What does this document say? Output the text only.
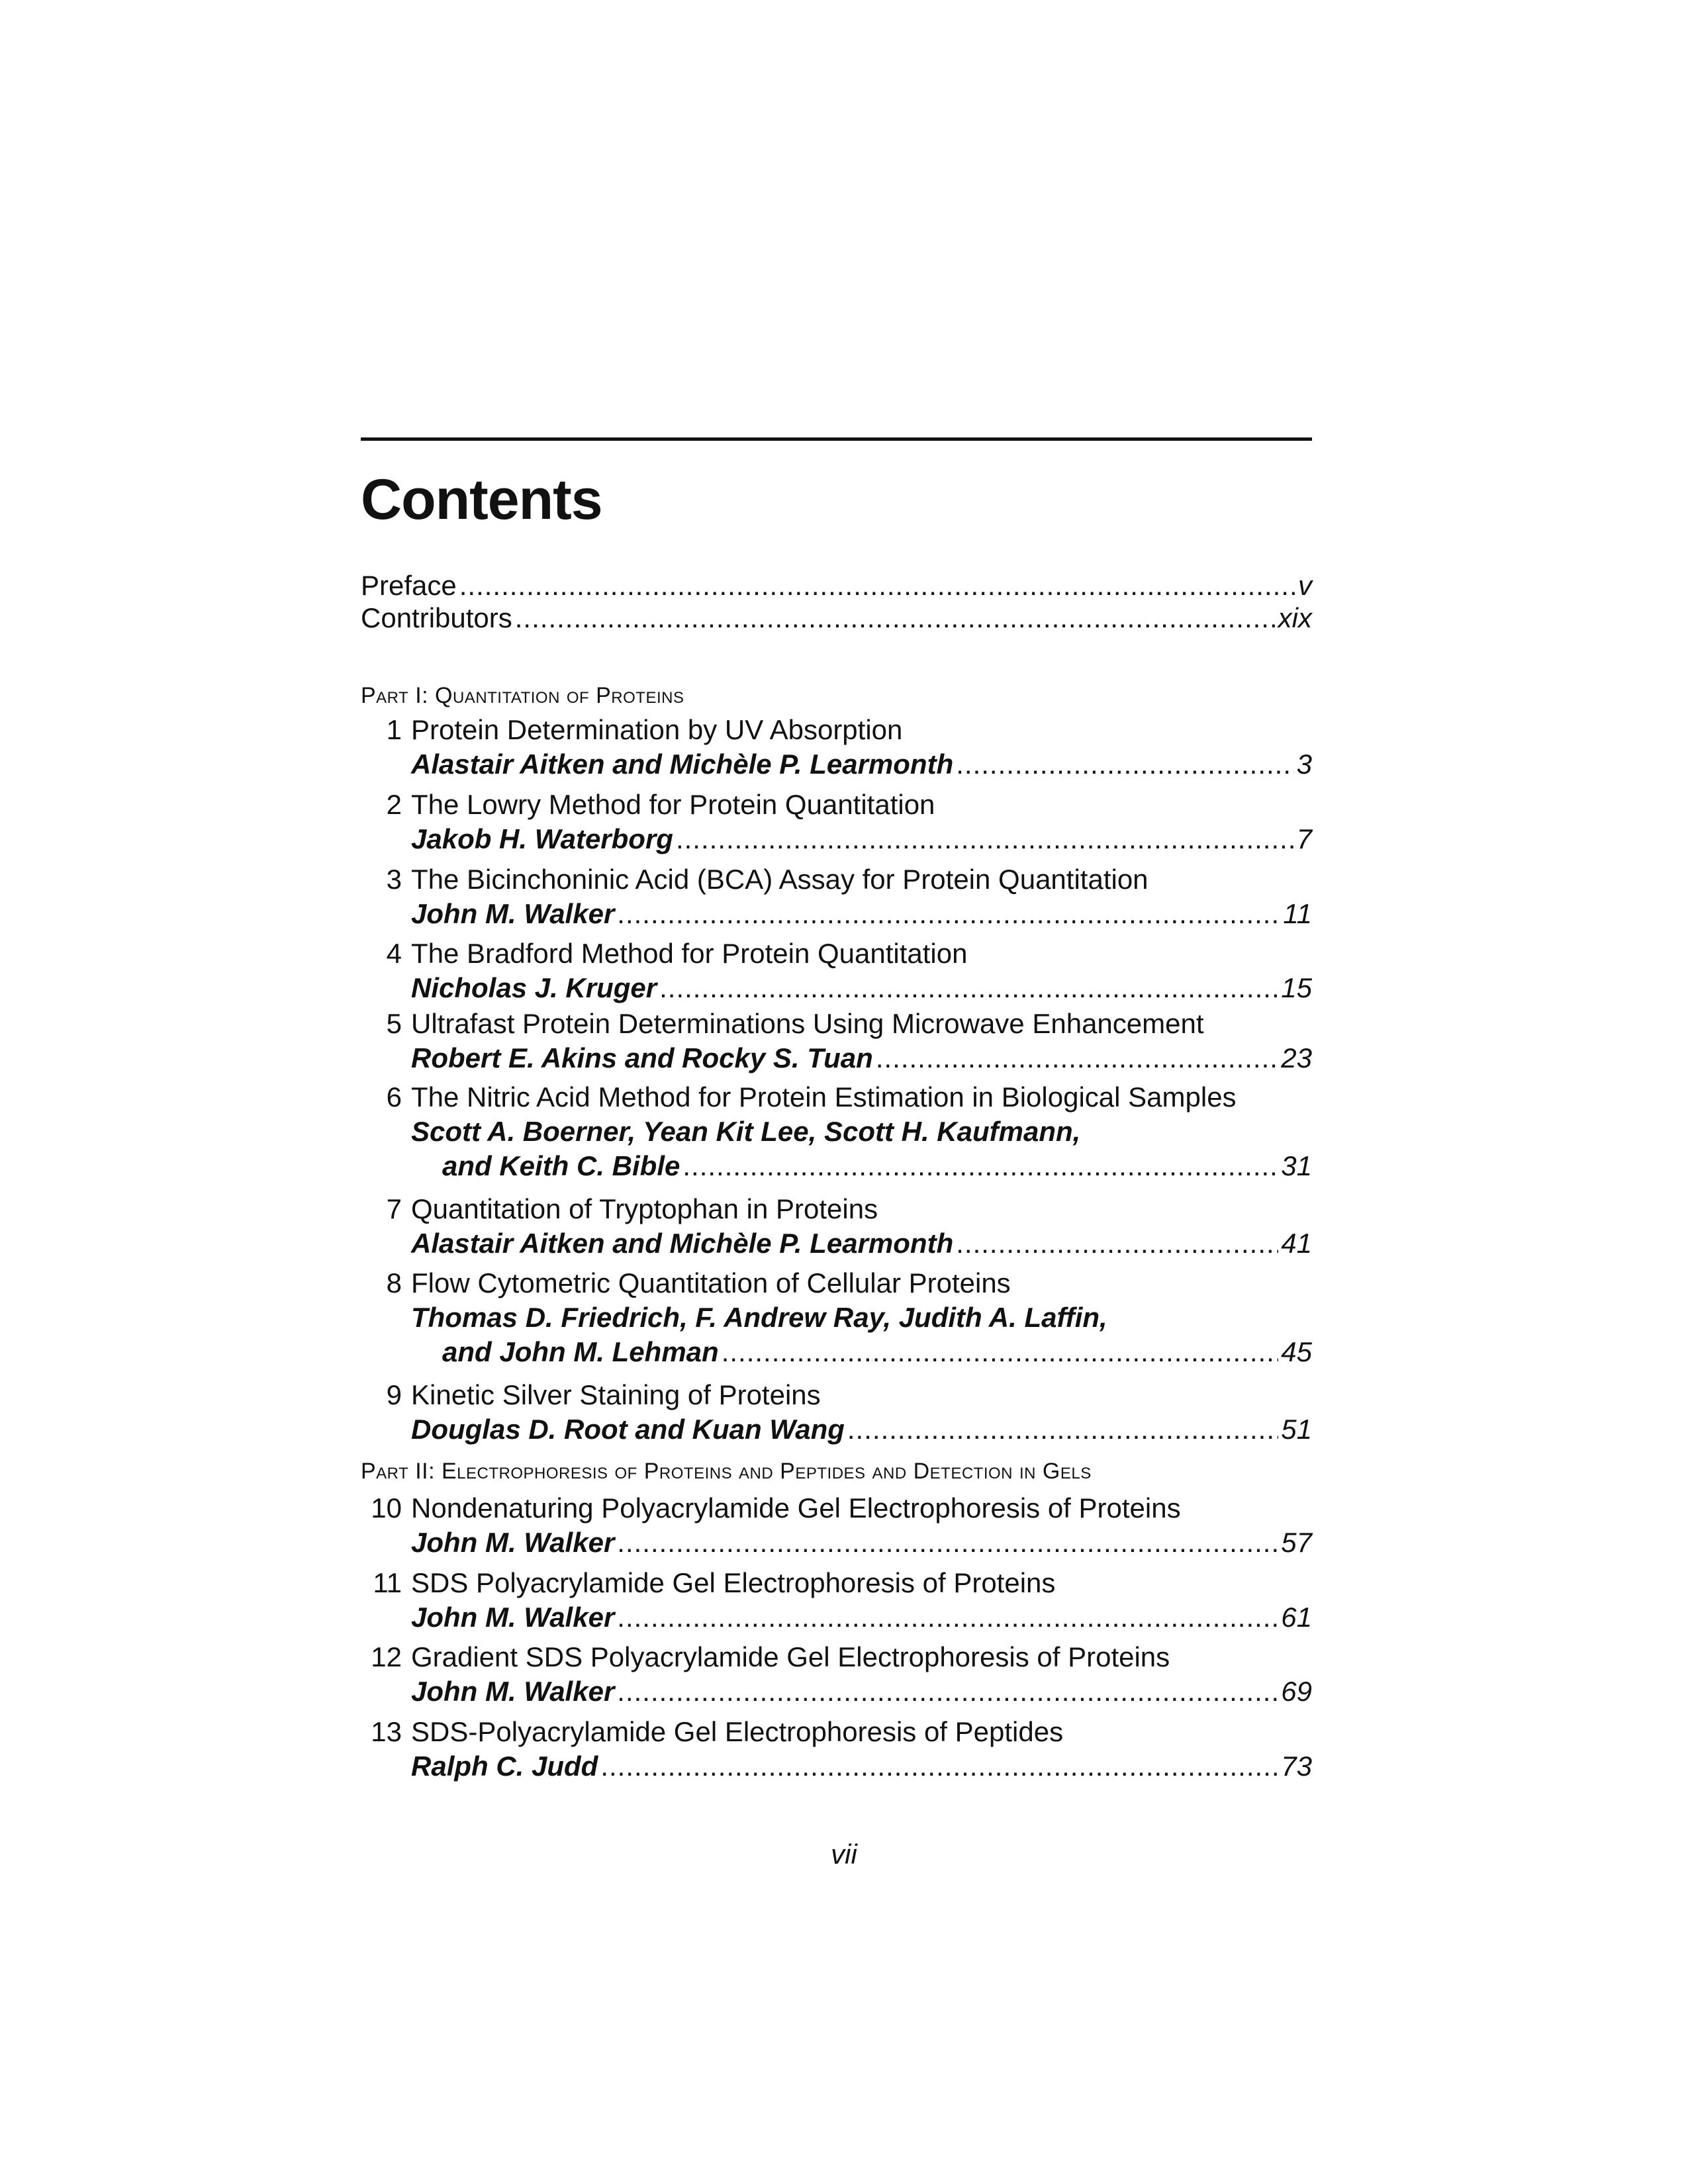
Contents
Preface .....	v
Contributors .....	xix
Part I: Quantitation of Proteins
1 Protein Determination by UV Absorption
Alastair Aitken and Michèle P. Learmonth .....	3
2 The Lowry Method for Protein Quantitation
Jakob H. Waterborg .....	7
3 The Bicinchoninic Acid (BCA) Assay for Protein Quantitation
John M. Walker .....	11
4 The Bradford Method for Protein Quantitation
Nicholas J. Kruger .....	15
5 Ultrafast Protein Determinations Using Microwave Enhancement
Robert E. Akins and Rocky S. Tuan .....	23
6 The Nitric Acid Method for Protein Estimation in Biological Samples
Scott A. Boerner, Yean Kit Lee, Scott H. Kaufmann,
and Keith C. Bible .....	31
7 Quantitation of Tryptophan in Proteins
Alastair Aitken and Michèle P. Learmonth .....	41
8 Flow Cytometric Quantitation of Cellular Proteins
Thomas D. Friedrich, F. Andrew Ray, Judith A. Laffin,
and John M. Lehman .....	45
9 Kinetic Silver Staining of Proteins
Douglas D. Root and Kuan Wang .....	51
Part II: Electrophoresis of Proteins and Peptides and Detection in Gels
10 Nondenaturing Polyacrylamide Gel Electrophoresis of Proteins
John M. Walker .....	57
11 SDS Polyacrylamide Gel Electrophoresis of Proteins
John M. Walker .....	61
12 Gradient SDS Polyacrylamide Gel Electrophoresis of Proteins
John M. Walker .....	69
13 SDS-Polyacrylamide Gel Electrophoresis of Peptides
Ralph C. Judd .....	73
vii
